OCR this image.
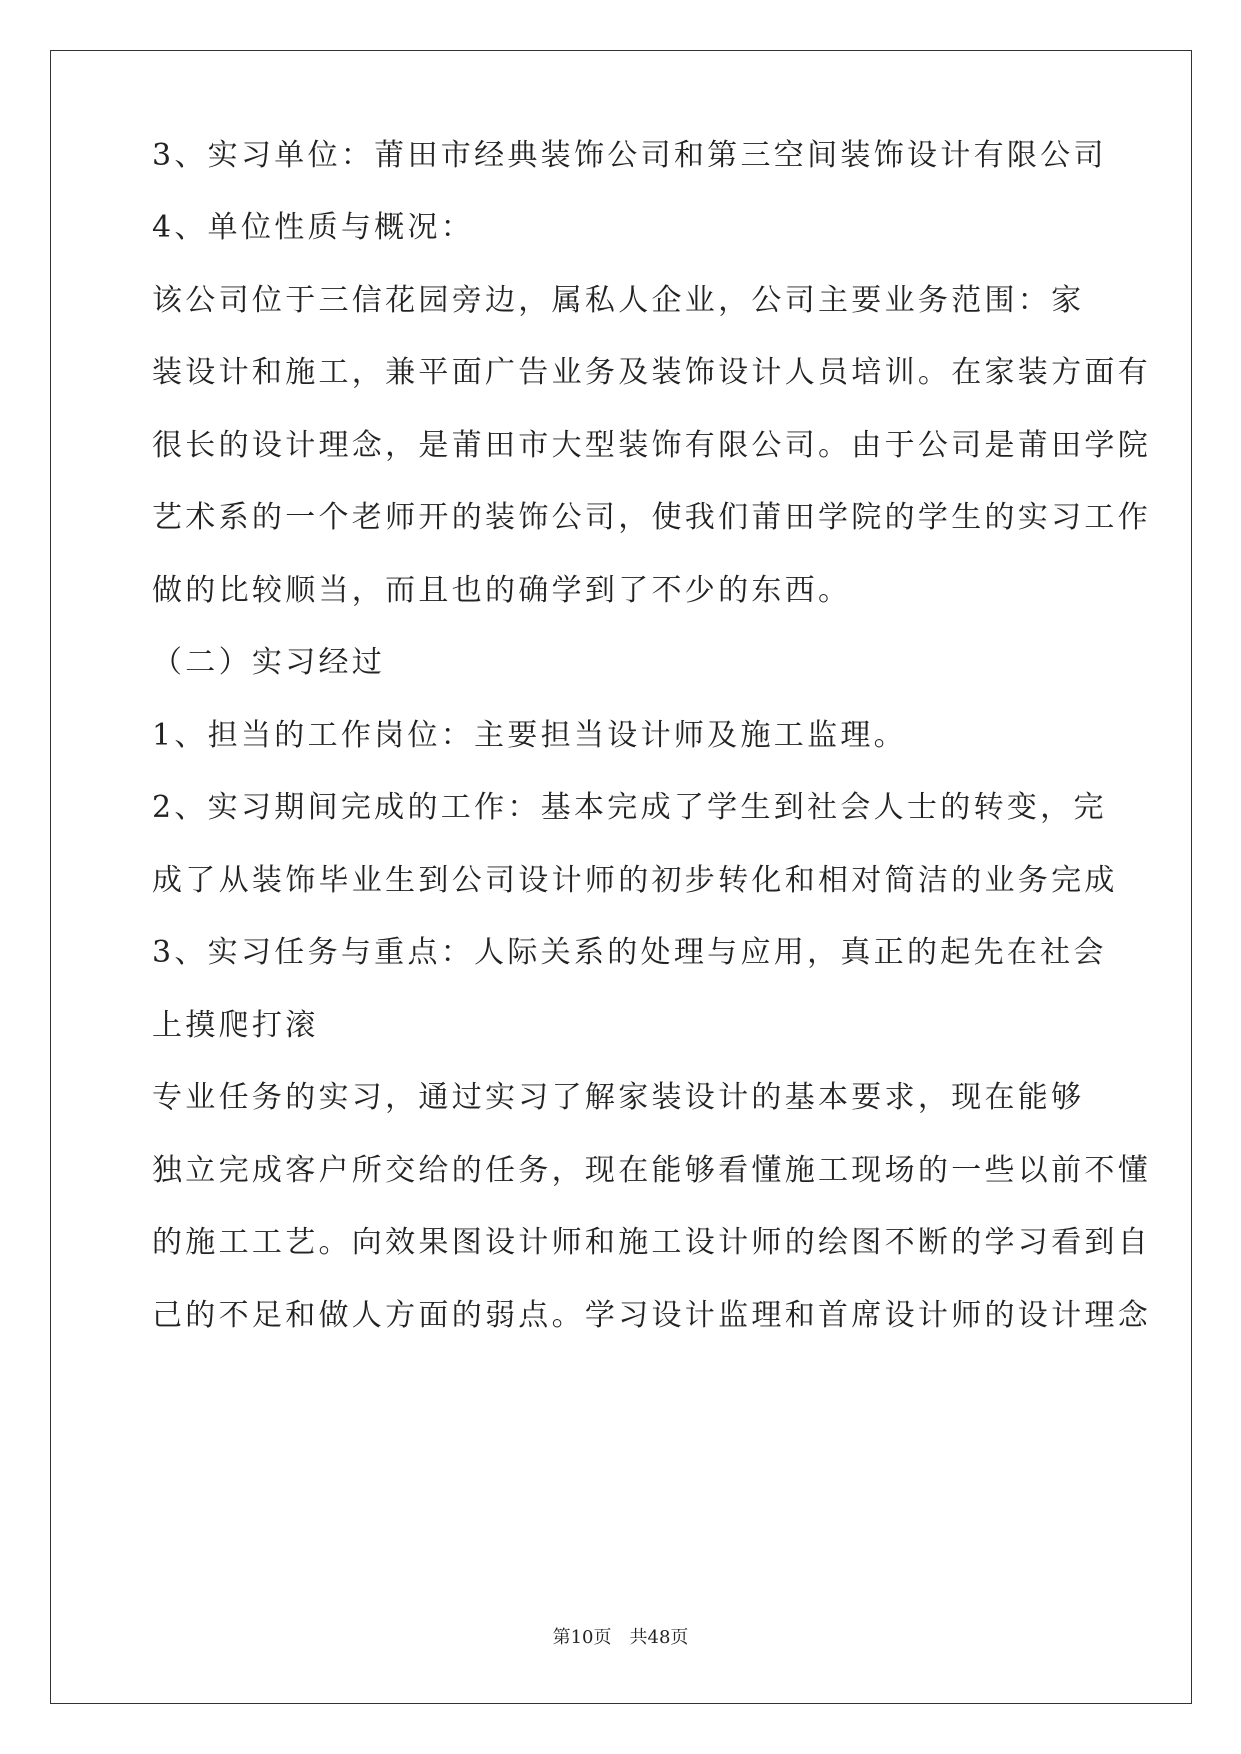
3、实习单位：莆田市经典装饰公司和第三空间装饰设计有限公司
4、单位性质与概况：
该公司位于三信花园旁边，属私人企业，公司主要业务范围：家
装设计和施工，兼平面广告业务及装饰设计人员培训。在家装方面有
很长的设计理念，是莆田市大型装饰有限公司。由于公司是莆田学院
艺术系的一个老师开的装饰公司，使我们莆田学院的学生的实习工作
做的比较顺当，而且也的确学到了不少的东西。
（二）实习经过
1、担当的工作岗位：主要担当设计师及施工监理。
2、实习期间完成的工作：基本完成了学生到社会人士的转变，完
成了从装饰毕业生到公司设计师的初步转化和相对简洁的业务完成
3、实习任务与重点：人际关系的处理与应用，真正的起先在社会
上摸爬打滚
专业任务的实习，通过实习了解家装设计的基本要求，现在能够
独立完成客户所交给的任务，现在能够看懂施工现场的一些以前不懂
的施工工艺。向效果图设计师和施工设计师的绘图不断的学习看到自
己的不足和做人方面的弱点。学习设计监理和首席设计师的设计理念
第10页　共48页
